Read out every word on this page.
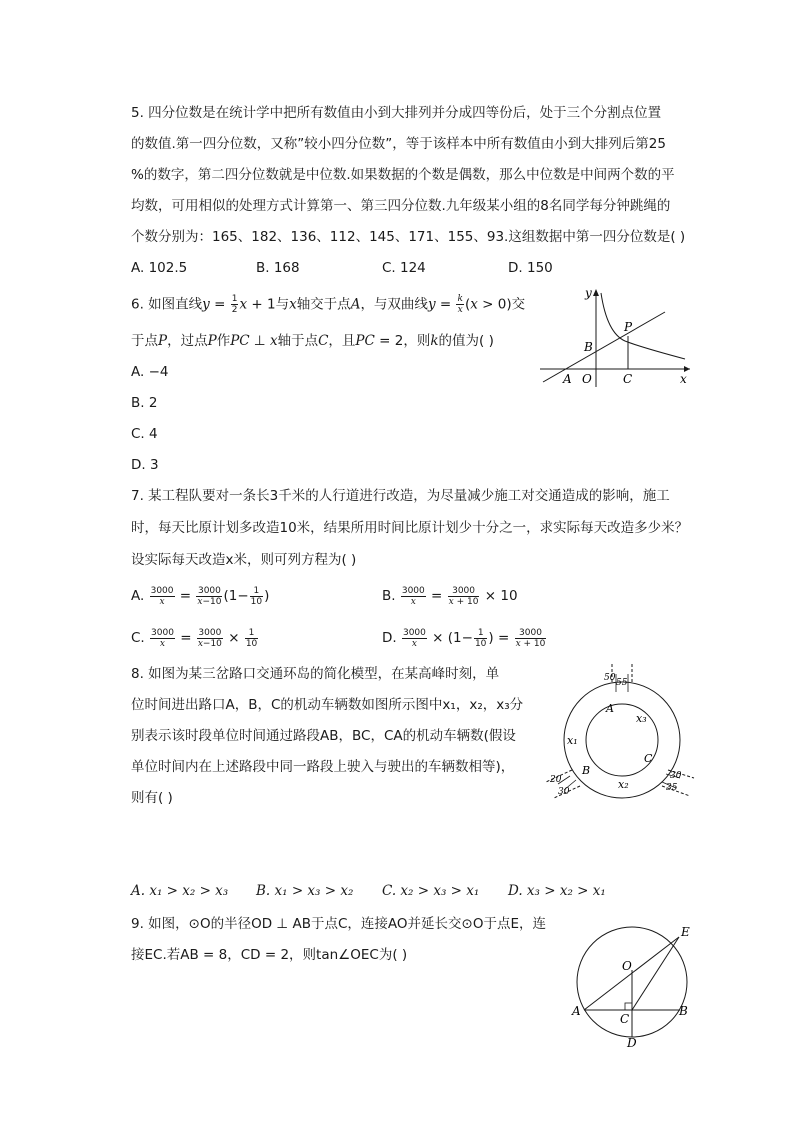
5. 四分位数是在统计学中把所有数值由小到大排列并分成四等份后，处于三个分割点位置
的数值.第一四分位数，又称”较小四分位数”，等于该样本中所有数值由小到大排列后第25
%的数字，第二四分位数就是中位数.如果数据的个数是偶数，那么中位数是中间两个数的平
均数，可用相似的处理方式计算第一、第三四分位数.九年级某小组的8名同学每分钟跳绳的
个数分别为：165、182、136、112、145、171、155、93.这组数据中第一四分位数是( )
A. 102.5	B. 168	C. 124	D. 150
6. 如图直线$y = \frac{1}{2}$ x + 1与x轴交于点A，与双曲线$y = \frac{k}{x} (x > 0)$交
于点P，过点P作PC ⊥ x轴于点C，且PC = 2，则k的值为( )
A. −4
B. 2
C. 4
D. 3
y
x
P
B
A O	C
7. 某工程队要对一条长3千米的人行道进行改造，为尽量减少施工对交通造成的影响，施工
时，每天比原计划多改造10米，结果所用时间比原计划少十分之一，求实际每天改造多少米？
设实际每天改造x米，则可列方程为( )
A. $\frac{3000}{x} = \frac{3000}{x-10} (1- \frac{1}{10}$ )	B. $\frac{3000}{x} = \frac{3000}{x + 10} \times 10$
C. $\frac{3000}{x} = \frac{3000}{x-10} \times \frac{1}{10}$	D. $\frac{3000}{x} \times (1- \frac{1}{10}$ ) = $\frac{3000}{x + 10}$
8. 如图为某三岔路口交通环岛的简化模型，在某高峰时刻，单
位时间进出路口A，B，C的机动车辆数如图所示图中x₁，x₂，x₃分
别表示该时段单位时间通过路段AB，BC，CA的机动车辆数(假设
单位时间内在上述路段中同一路段上驶入与驶出的车辆数相等)，
则有( )
A. x₁ > x₂ > x₃ B. x₁ > x₃ > x₂ C. x₂ > x₃ > x₁ D. x₃ > x₂ > x₁
50 55
20
30
30
35
A
B
C
x₁
x₂
x₃
9. 如图，⊙O的半径OD ⊥ AB于点C，连接AO并延长交⊙O于点E，连
接EC.若AB = 8，CD = 2，则tan∠OEC为( )
E
O
A
C
B
D
